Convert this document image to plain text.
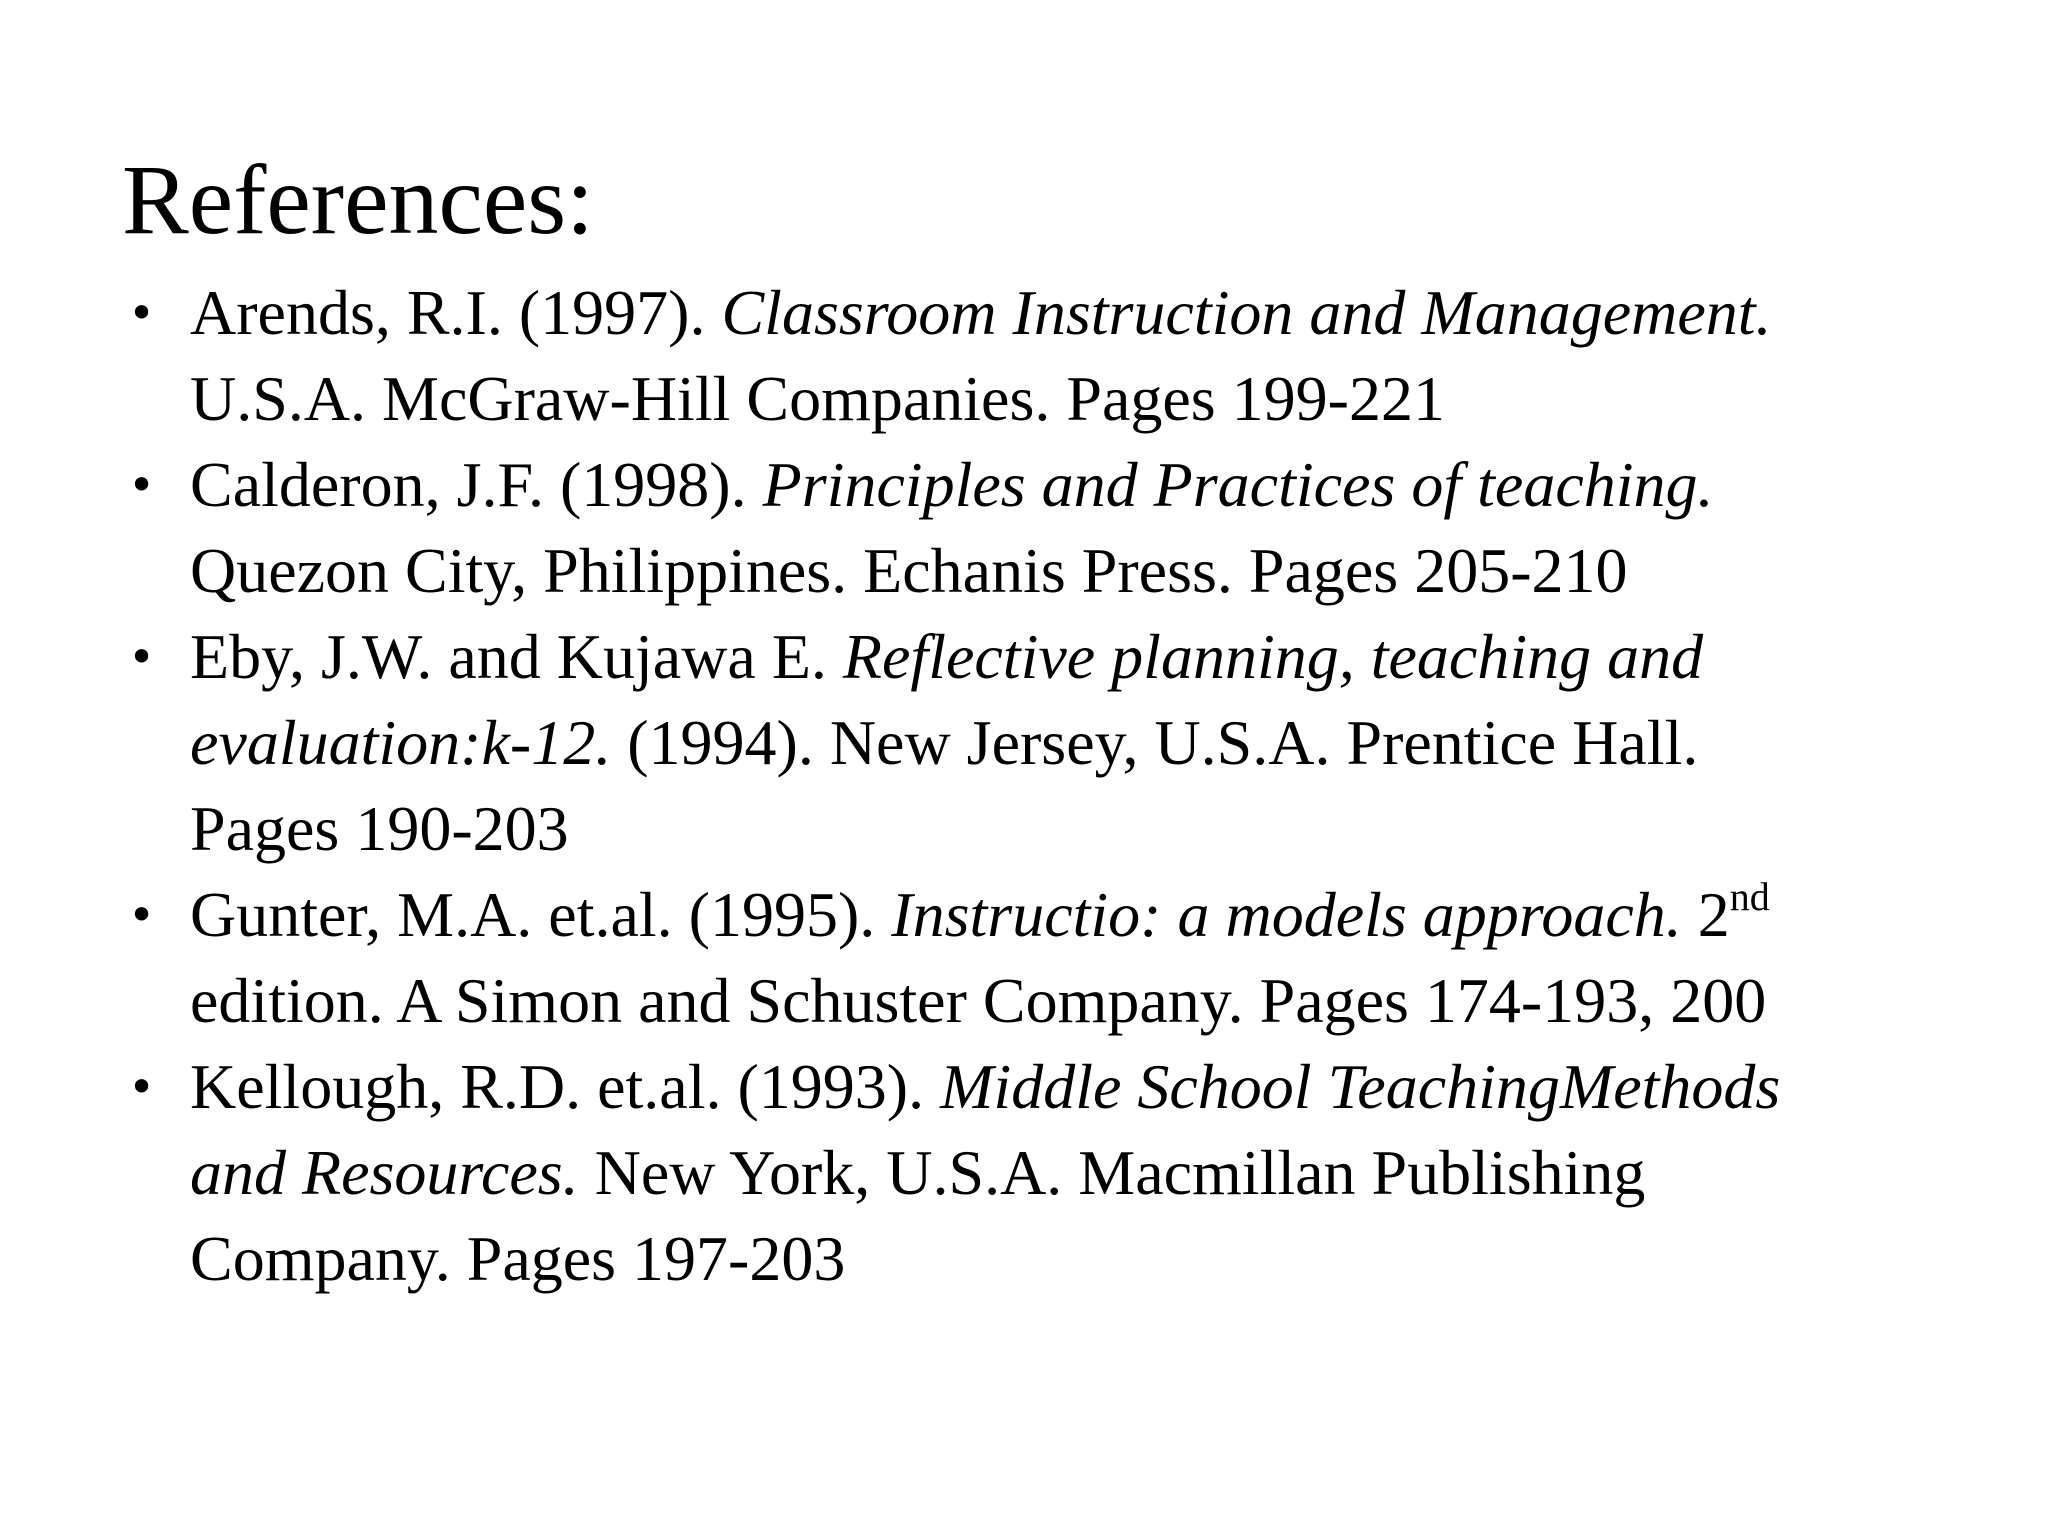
References:
• Arends, R.I. (1997). Classroom Instruction and Management.
U.S.A. McGraw-Hill Companies. Pages 199-221
• Calderon, J.F. (1998). Principles and Practices of teaching.
Quezon City, Philippines. Echanis Press. Pages 205-210
• Eby, J.W. and Kujawa E. Reflective planning, teaching and
evaluation:k-12. (1994). New Jersey, U.S.A. Prentice Hall.
Pages 190-203
• Gunter, M.A. et.al. (1995). Instructio: a models approach. 2nd
edition. A Simon and Schuster Company. Pages 174-193, 200
• Kellough, R.D. et.al. (1993). Middle School TeachingMethods
and Resources. New York, U.S.A. Macmillan Publishing
Company. Pages 197-203
